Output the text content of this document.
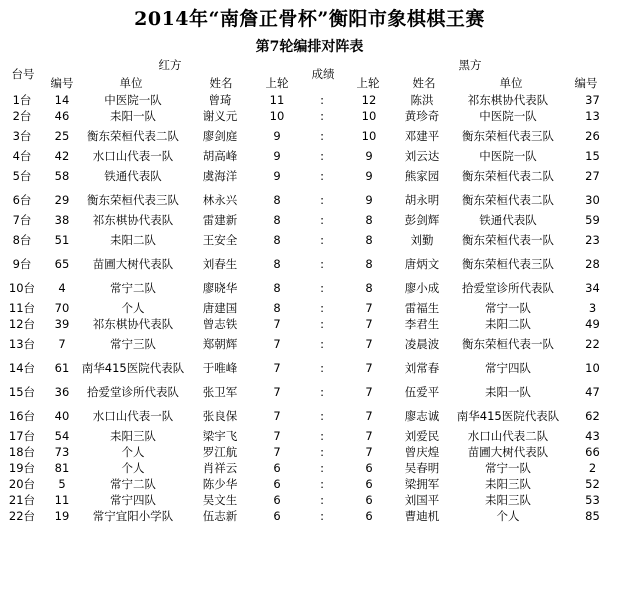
2014年“南詹正骨杯”衡阳市象棋棋王赛
第7轮编排对阵表
台号
红方	黑方
成绩
编号	单位	姓名	上轮	上轮	姓名	单位	编号
1台	14	中医院一队	曾琦	11	:	12	陈洪	祁东棋协代表队	37
2台	46	耒阳一队	谢义元	10	:	10	黄珍奇	中医院一队	13
3台	25	衡东荣桓代表二队	廖剑庭	9	:	10	邓建平	衡东荣桓代表三队	26
4台	42	水口山代表一队	胡高峰	9	:	9	刘云达	中医院一队	15
5台	58	铁通代表队	虞海洋	9	:	9	熊家园	衡东荣桓代表二队	27
6台	29	衡东荣桓代表三队	林永兴	8	:	9	胡永明	衡东荣桓代表二队	30
7台	38	祁东棋协代表队	雷建新	8	:	8	彭剑辉	铁通代表队	59
8台	51	耒阳二队	王安全	8	:	8	刘勤	衡东荣桓代表一队	23
9台	65	苗圃大树代表队	刘春生	8	:	8	唐炳文	衡东荣桓代表三队	28
10台	4	常宁二队	廖晓华	8	:	8	廖小成	拾爱堂诊所代表队	34
11台	70	个人	唐建国	8	:	7	雷福生	常宁一队	3
12台	39	祁东棋协代表队	曾志铁	7	:	7	李君生	耒阳二队	49
13台	7	常宁三队	郑朝辉	7	:	7	凌晨波	衡东荣桓代表一队	22
14台	61	南华415医院代表队	于唯峰	7	:	7	刘常春	常宁四队	10
15台	36	拾爱堂诊所代表队	张卫军	7	:	7	伍爱平	耒阳一队	47
16台	40	水口山代表一队	张良保	7	:	7	廖志诚	南华415医院代表队	62
17台	54	耒阳三队	梁宇飞	7	:	7	刘爱民	水口山代表二队	43
18台	73	个人	罗江航	7	:	7	曾庆煌	苗圃大树代表队	66
19台	81	个人	肖祥云	6	:	6	吴春明	常宁一队	2
20台	5	常宁二队	陈少华	6	:	6	梁拥军	耒阳三队	52
21台	11	常宁四队	吴文生	6	:	6	刘国平	耒阳三队	53
22台	19	常宁宜阳小学队	伍志新	6	:	6	曹迪机	个人	85
